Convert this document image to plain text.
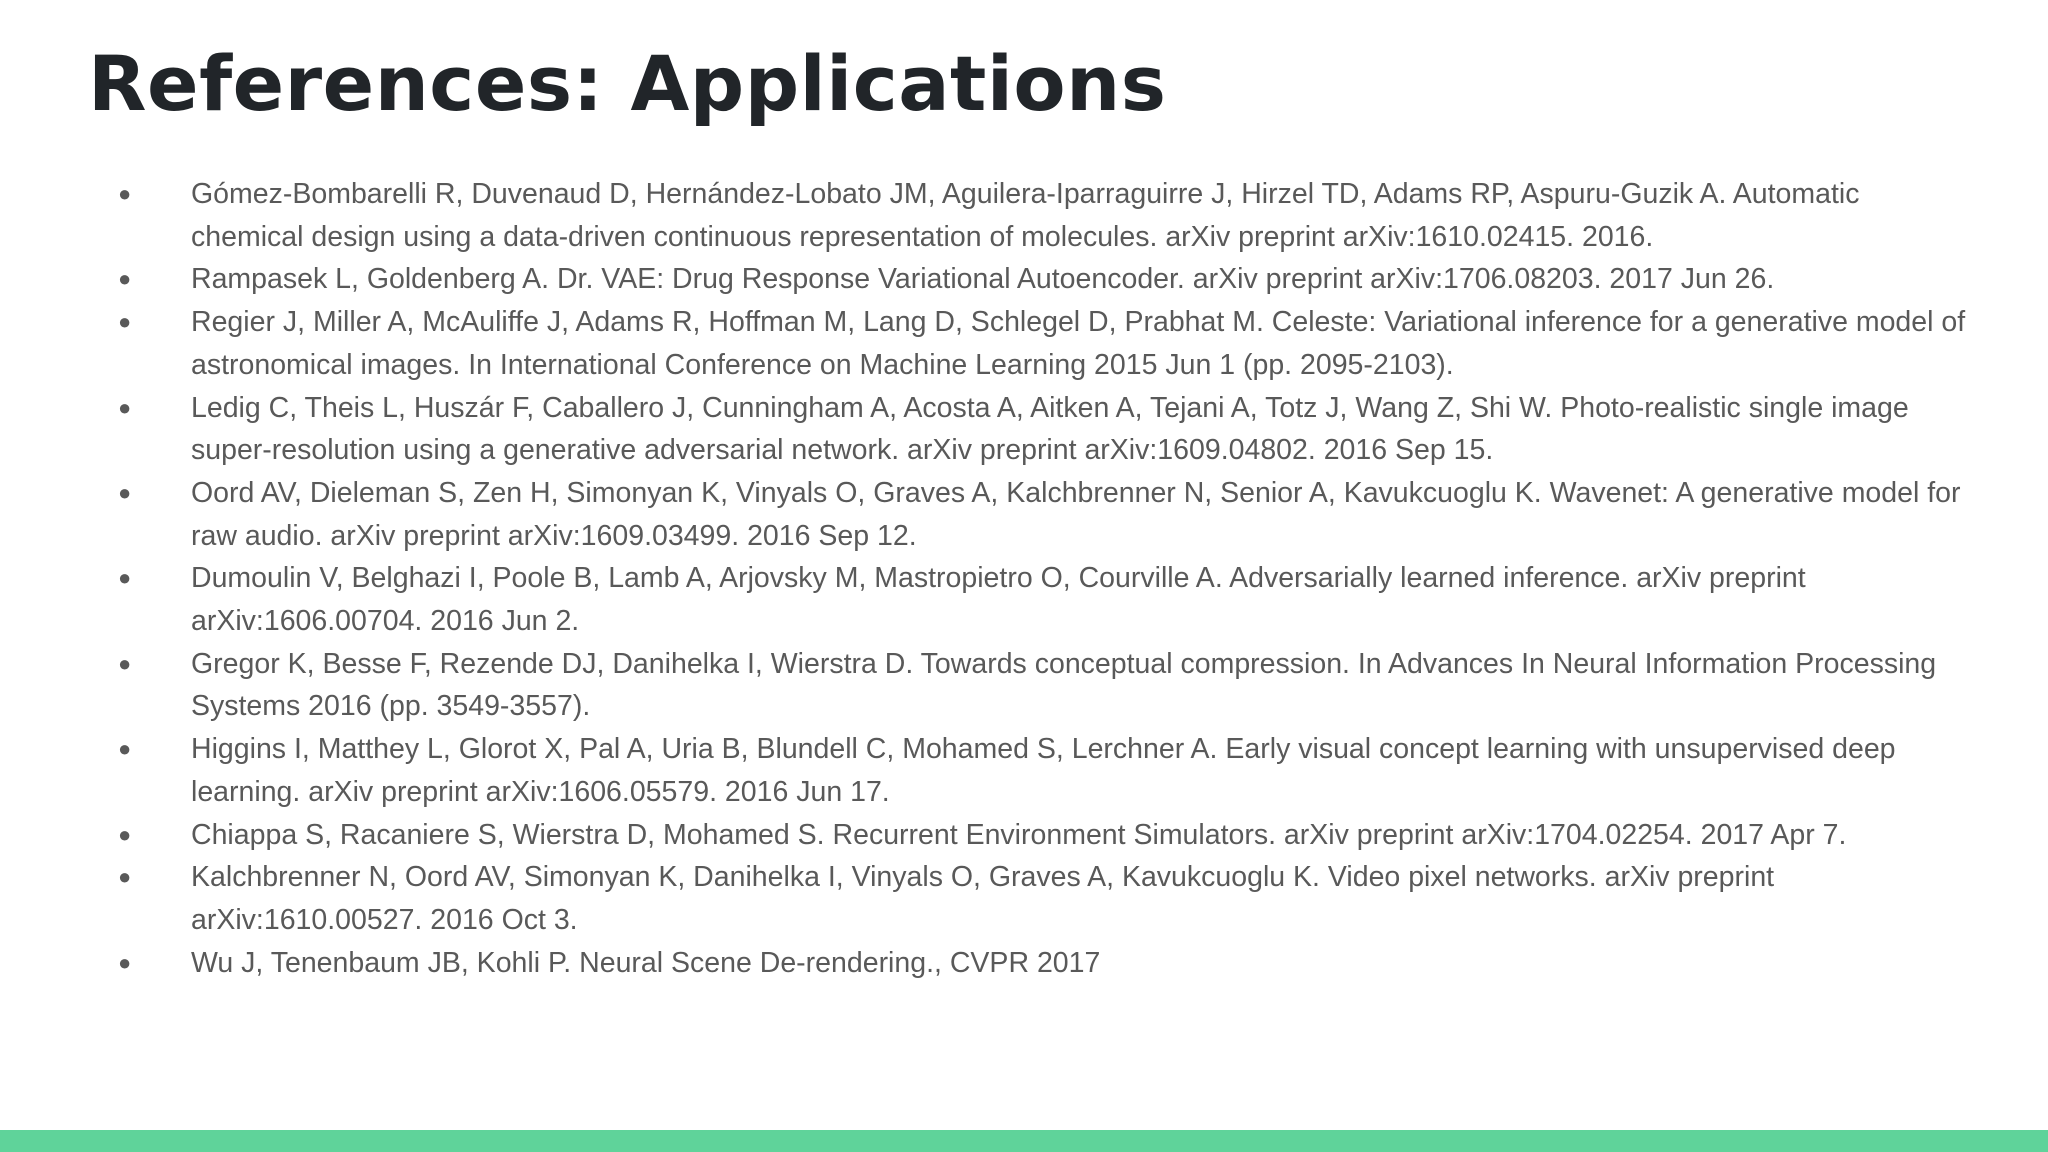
References: Applications
●	Gómez-Bombarelli R, Duvenaud D, Hernández-Lobato JM, Aguilera-Iparraguirre J, Hirzel TD, Adams RP, Aspuru-Guzik A. Automatic chemical design using a data-driven continuous representation of molecules. arXiv preprint arXiv:1610.02415. 2016.
●	Rampasek L, Goldenberg A. Dr. VAE: Drug Response Variational Autoencoder. arXiv preprint arXiv:1706.08203. 2017 Jun 26.
●	Regier J, Miller A, McAuliffe J, Adams R, Hoffman M, Lang D, Schlegel D, Prabhat M. Celeste: Variational inference for a generative model of astronomical images. In International Conference on Machine Learning 2015 Jun 1 (pp. 2095-2103).
●	Ledig C, Theis L, Huszár F, Caballero J, Cunningham A, Acosta A, Aitken A, Tejani A, Totz J, Wang Z, Shi W. Photo-realistic single image super-resolution using a generative adversarial network. arXiv preprint arXiv:1609.04802. 2016 Sep 15.
●	Oord AV, Dieleman S, Zen H, Simonyan K, Vinyals O, Graves A, Kalchbrenner N, Senior A, Kavukcuoglu K. Wavenet: A generative model for raw audio. arXiv preprint arXiv:1609.03499. 2016 Sep 12.
●	Dumoulin V, Belghazi I, Poole B, Lamb A, Arjovsky M, Mastropietro O, Courville A. Adversarially learned inference. arXiv preprint arXiv:1606.00704. 2016 Jun 2.
●	Gregor K, Besse F, Rezende DJ, Danihelka I, Wierstra D. Towards conceptual compression. In Advances In Neural Information Processing Systems 2016 (pp. 3549-3557).
●	Higgins I, Matthey L, Glorot X, Pal A, Uria B, Blundell C, Mohamed S, Lerchner A. Early visual concept learning with unsupervised deep learning. arXiv preprint arXiv:1606.05579. 2016 Jun 17.
●	Chiappa S, Racaniere S, Wierstra D, Mohamed S. Recurrent Environment Simulators. arXiv preprint arXiv:1704.02254. 2017 Apr 7.
●	Kalchbrenner N, Oord AV, Simonyan K, Danihelka I, Vinyals O, Graves A, Kavukcuoglu K. Video pixel networks. arXiv preprint arXiv:1610.00527. 2016 Oct 3.
●	Wu J, Tenenbaum JB, Kohli P. Neural Scene De-rendering., CVPR 2017
